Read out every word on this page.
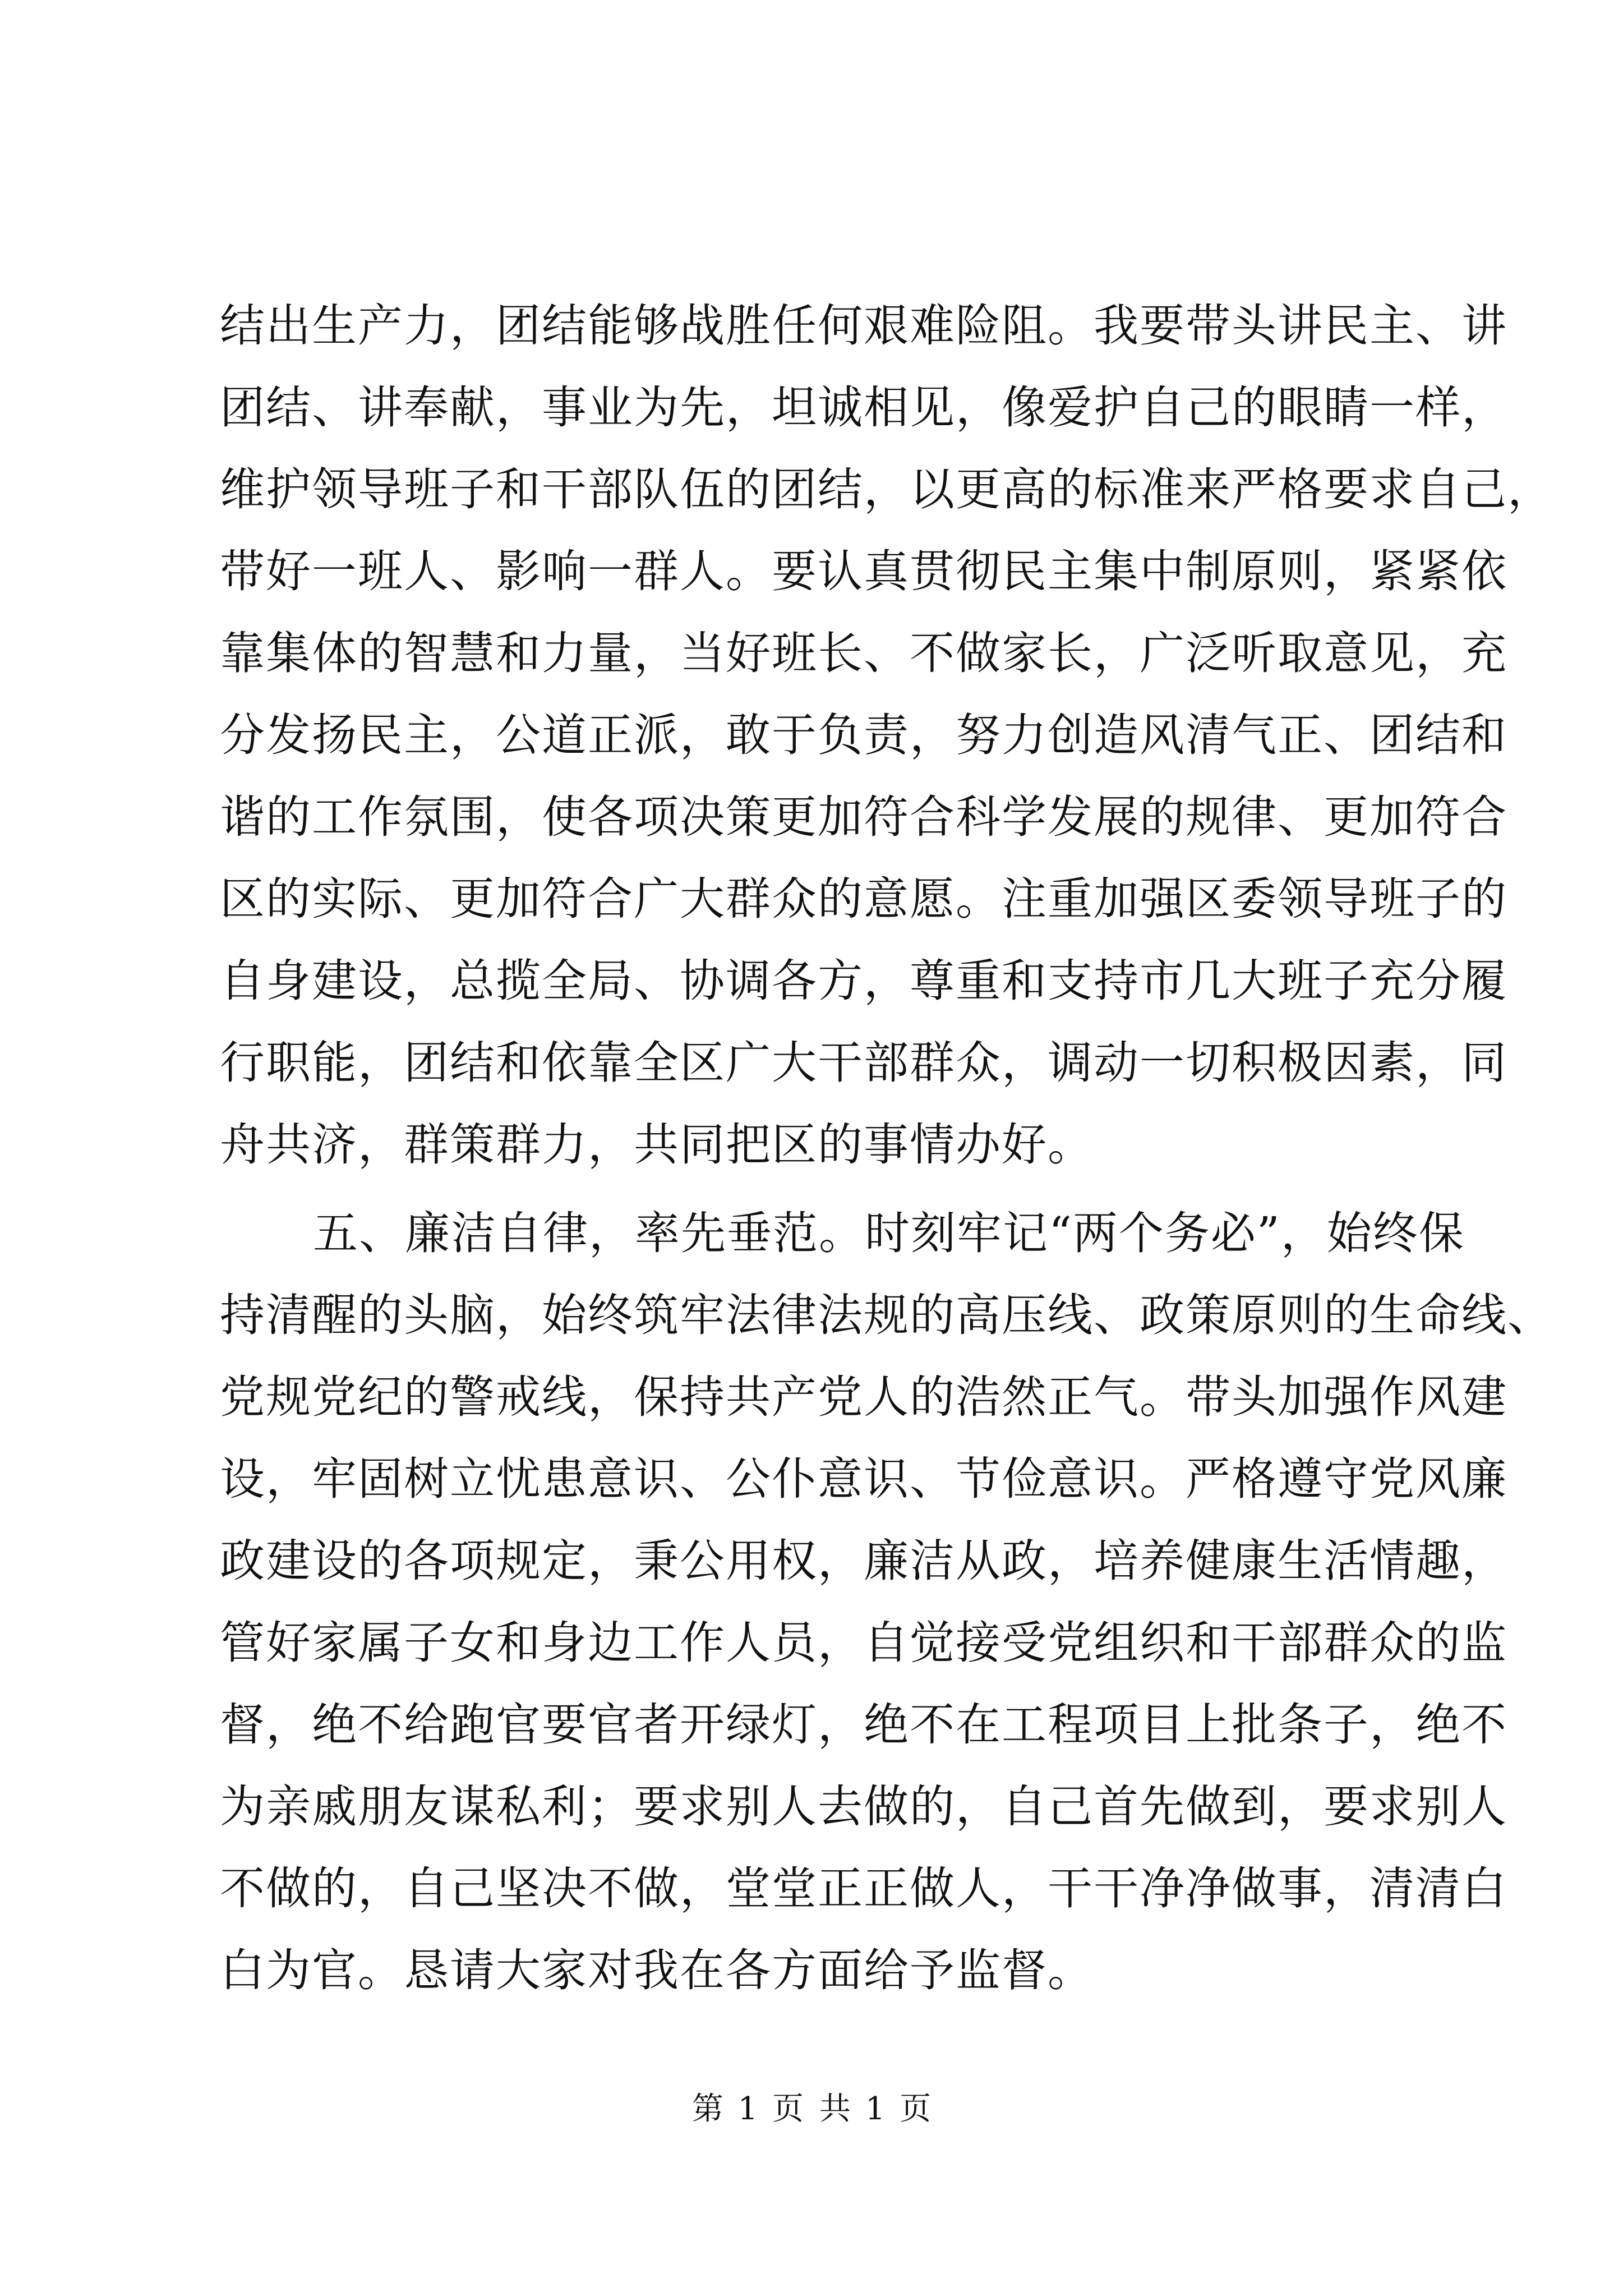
结出生产力，团结能够战胜任何艰难险阻。我要带头讲民主、讲
团结、讲奉献，事业为先，坦诚相见，像爱护自己的眼睛一样，
维护领导班子和干部队伍的团结，以更高的标准来严格要求自己，
带好一班人、影响一群人。要认真贯彻民主集中制原则，紧紧依
靠集体的智慧和力量，当好班长、不做家长，广泛听取意见，充
分发扬民主，公道正派，敢于负责，努力创造风清气正、团结和
谐的工作氛围，使各项决策更加符合科学发展的规律、更加符合
区的实际、更加符合广大群众的意愿。注重加强区委领导班子的
自身建设，总揽全局、协调各方，尊重和支持市几大班子充分履
行职能，团结和依靠全区广大干部群众，调动一切积极因素，同
舟共济，群策群力，共同把区的事情办好。
五、廉洁自律，率先垂范。时刻牢记“两个务必”，始终保
持清醒的头脑，始终筑牢法律法规的高压线、政策原则的生命线、
党规党纪的警戒线，保持共产党人的浩然正气。带头加强作风建
设，牢固树立忧患意识、公仆意识、节俭意识。严格遵守党风廉
政建设的各项规定，秉公用权，廉洁从政，培养健康生活情趣，
管好家属子女和身边工作人员，自觉接受党组织和干部群众的监
督，绝不给跑官要官者开绿灯，绝不在工程项目上批条子，绝不
为亲戚朋友谋私利；要求别人去做的，自己首先做到，要求别人
不做的，自己坚决不做，堂堂正正做人，干干净净做事，清清白
白为官。恳请大家对我在各方面给予监督。
第 1 页 共 1 页
